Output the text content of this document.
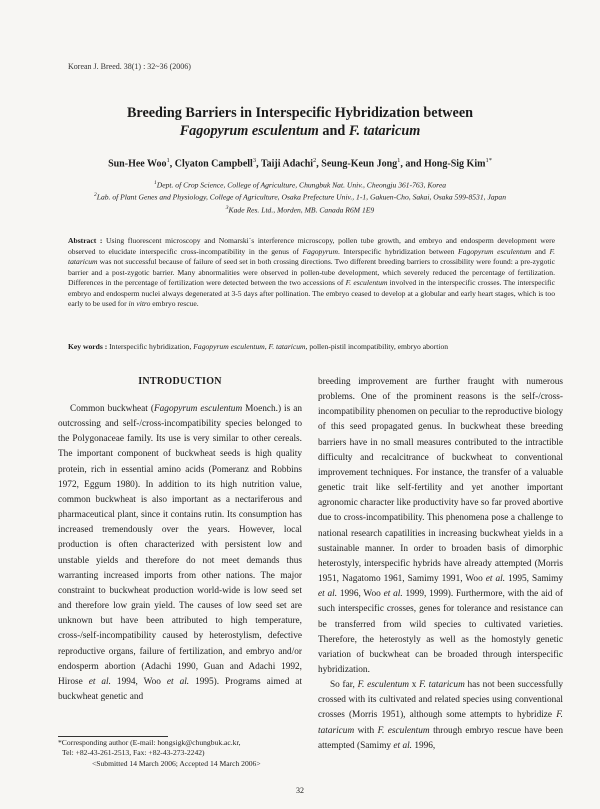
Korean J. Breed. 38(1) : 32~36 (2006)
Breeding Barriers in Interspecific Hybridization between
Fagopyrum esculentum and F. tataricum
Sun-Hee Woo$^1$, Clyaton Campbell$^3$, Taiji Adachi$^2$, Seung-Keun Jong$^1$, and Hong-Sig Kim$^{1*}$
$^1$Dept. of Crop Science, College of Agriculture, Chungbuk Nat. Univ., Cheongju 361-763, Korea
$^2$Lab. of Plant Genes and Physiology, College of Agriculture, Osaka Prefecture Univ., 1-1, Gakuen-Cho, Sakai, Osaka 599-8531, Japan
$^3$Kade Res. Ltd., Morden, MB. Canada R6M 1E9
Abstract : Using fluorescent microscopy and Nomarski`s interference microscopy, pollen tube growth, and embryo and endosperm development were observed to elucidate interspecific cross-incompatibility in the genus of Fagopyrum. Interspecific hybridization between Fagopyrum esculentum and F. tataricum was not successful because of failure of seed set in both crossing directions. Two different breeding barriers to crossibility were found: a pre-zygotic barrier and a post-zygotic barrier. Many abnormalities were observed in pollen-tube development, which severely reduced the percentage of fertilization. Differences in the percentage of fertilization were detected between the two accessions of F. esculentum involved in the interspecific crosses. The interspecific embryo and endosperm nuclei always degenerated at 3-5 days after pollination. The embryo ceased to develop at a globular and early heart stages, which is too early to be used for in vitro embryo rescue.
Key words : Interspecific hybridization, Fagopyrum esculentum, F. tataricum, pollen-pistil incompatibility, embryo abortion
INTRODUCTION

Common buckwheat (Fagopyrum esculentum Moench.) is an outcrossing and self-/cross-incompatibility species belonged to the Polygonaceae family. Its use is very similar to other cereals. The important component of buckwheat seeds is high quality protein, rich in essential amino acids (Pomeranz and Robbins 1972, Eggum 1980). In addition to its high nutrition value, common buckwheat is also important as a nectariferous and pharmaceutical plant, since it contains rutin. Its consumption has increased tremendously over the years. However, local production is often characterized with persistent low and unstable yields and therefore do not meet demands thus warranting increased imports from other nations. The major constraint to buckwheat production world-wide is low seed set and therefore low grain yield. The causes of low seed set are unknown but have been attributed to high temperature, cross-/self-incompatibility caused by heterostylism, defective reproductive organs, failure of fertilization, and embryo and/or endosperm abortion (Adachi 1990, Guan and Adachi 1992, Hirose et al. 1994, Woo et al. 1995). Programs aimed at buckwheat genetic and

breeding improvement are further fraught with numerous problems. One of the prominent reasons is the self-/cross-incompatibility phenomen on peculiar to the reproductive biology of this seed propagated genus. In buckwheat these breeding barriers have in no small measures contributed to the intractible difficulty and recalcitrance of buckwheat to conventional improvement techniques. For instance, the transfer of a valuable genetic trait like self-fertility and yet another important agronomic character like productivity have so far proved abortive due to cross-incompatibility. This phenomena pose a challenge to national research capatilities in increasing buckwheat yields in a sustainable manner. In order to broaden basis of dimorphic heterostyly, interspecific hybrids have already attempted (Morris 1951, Nagatomo 1961, Samimy 1991, Woo et al. 1995, Samimy et al. 1996, Woo et al. 1999, 1999). Furthermore, with the aid of such interspecific crosses, genes for tolerance and resistance can be transferred from wild species to cultivated varieties. Therefore, the heterostyly as well as the homostyly genetic variation of buckwheat can be broaded through interspecific hybridization.

So far, F. esculentum x F. tataricum has not been successfully crossed with its cultivated and related species using conventional crosses (Morris 1951), although some attempts to hybridize F. tataricum with F. esculentum through embryo rescue have been attempted (Samimy et al. 1996,

*Corresponding author (E-mail: hongsigk@chungbuk.ac.kr,
Tel: +82-43-261-2513, Fax: +82-43-273-2242)
<Submitted 14 March 2006; Accepted 14 March 2006>
32
